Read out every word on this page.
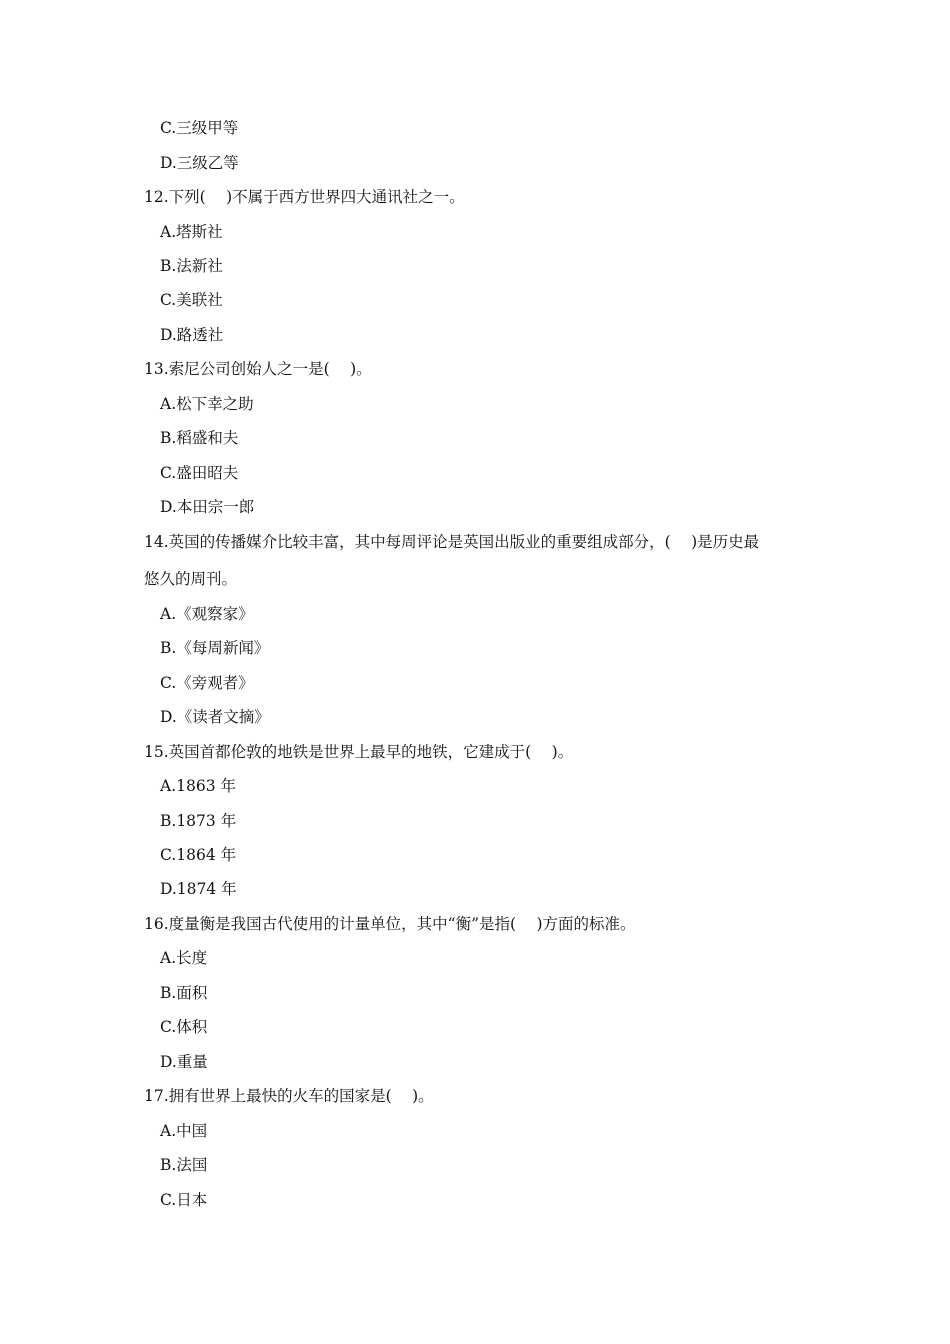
C.三级甲等
D.三级乙等
12.下列(　 )不属于西方世界四大通讯社之一。
A.塔斯社
B.法新社
C.美联社
D.路透社
13.索尼公司创始人之一是(　 )。
A.松下幸之助
B.稻盛和夫
C.盛田昭夫
D.本田宗一郎
14.英国的传播媒介比较丰富，其中每周评论是英国出版业的重要组成部分，(　 )是历史最
悠久的周刊。
A.《观察家》
B.《每周新闻》
C.《旁观者》
D.《读者文摘》
15.英国首都伦敦的地铁是世界上最早的地铁，它建成于(　 )。
A.1863 年
B.1873 年
C.1864 年
D.1874 年
16.度量衡是我国古代使用的计量单位，其中“衡”是指(　 )方面的标准。
A.长度
B.面积
C.体积
D.重量
17.拥有世界上最快的火车的国家是(　 )。
A.中国
B.法国
C.日本
